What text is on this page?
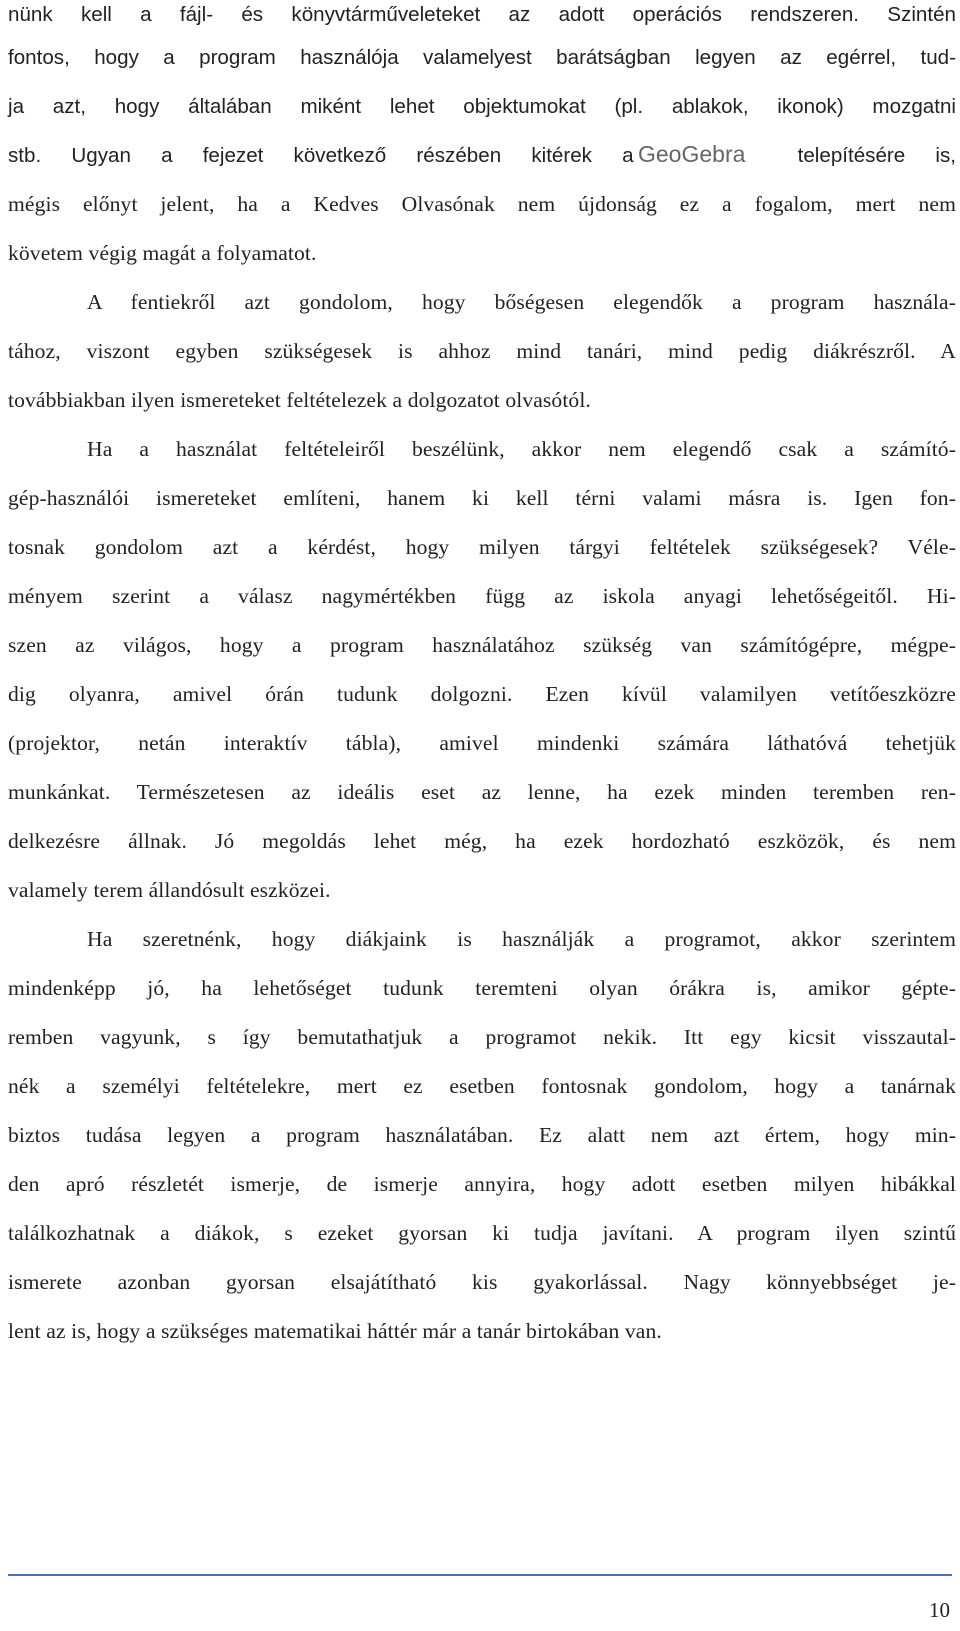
nünk kell a fájl- és könyvtárműveleteket az adott operációs rendszeren. Szintén
fontos, hogy a program használója valamelyest barátságban legyen az egérrel, tud-
ja azt, hogy általában miként lehet objektumokat (pl. ablakok, ikonok) mozgatni
stb. Ugyan a fejezet következő részében kitérek a GeoGebra	telepítésére is,
mégis előnyt jelent, ha a Kedves Olvasónak nem újdonság ez a fogalom, mert nem
követem végig magát a folyamatot.
A fentiekről azt gondolom, hogy bőségesen elegendők a program használa-
tához, viszont egyben szükségesek is ahhoz mind tanári, mind pedig diákrészről. A
továbbiakban ilyen ismereteket feltételezek a dolgozatot olvasótól.
Ha a használat feltételeiről beszélünk, akkor nem elegendő csak a számító-
gép-használói ismereteket említeni, hanem ki kell térni valami másra is. Igen fon-
tosnak gondolom azt a kérdést, hogy milyen tárgyi feltételek szükségesek? Véle-
ményem szerint a válasz nagymértékben függ az iskola anyagi lehetőségeitől. Hi-
szen az világos, hogy a program használatához szükség van számítógépre, mégpe-
dig olyanra, amivel órán tudunk dolgozni. Ezen kívül valamilyen vetítőeszközre
(projektor, netán interaktív tábla), amivel mindenki számára láthatóvá tehetjük
munkánkat. Természetesen az ideális eset az lenne, ha ezek minden teremben ren-
delkezésre állnak. Jó megoldás lehet még, ha ezek hordozható eszközök, és nem
valamely terem állandósult eszközei.
Ha szeretnénk, hogy diákjaink is használják a programot, akkor szerintem
mindenképp jó, ha lehetőséget tudunk teremteni olyan órákra is, amikor gépte-
remben vagyunk, s így bemutathatjuk a programot nekik. Itt egy kicsit visszautal-
nék a személyi feltételekre, mert ez esetben fontosnak gondolom, hogy a tanárnak
biztos tudása legyen a program használatában. Ez alatt nem azt értem, hogy min-
den apró részletét ismerje, de ismerje annyira, hogy adott esetben milyen hibákkal
találkozhatnak a diákok, s ezeket gyorsan ki tudja javítani. A program ilyen szintű
ismerete azonban gyorsan elsajátítható kis gyakorlással. Nagy könnyebbséget je-
lent az is, hogy a szükséges matematikai háttér már a tanár birtokában van.
10
